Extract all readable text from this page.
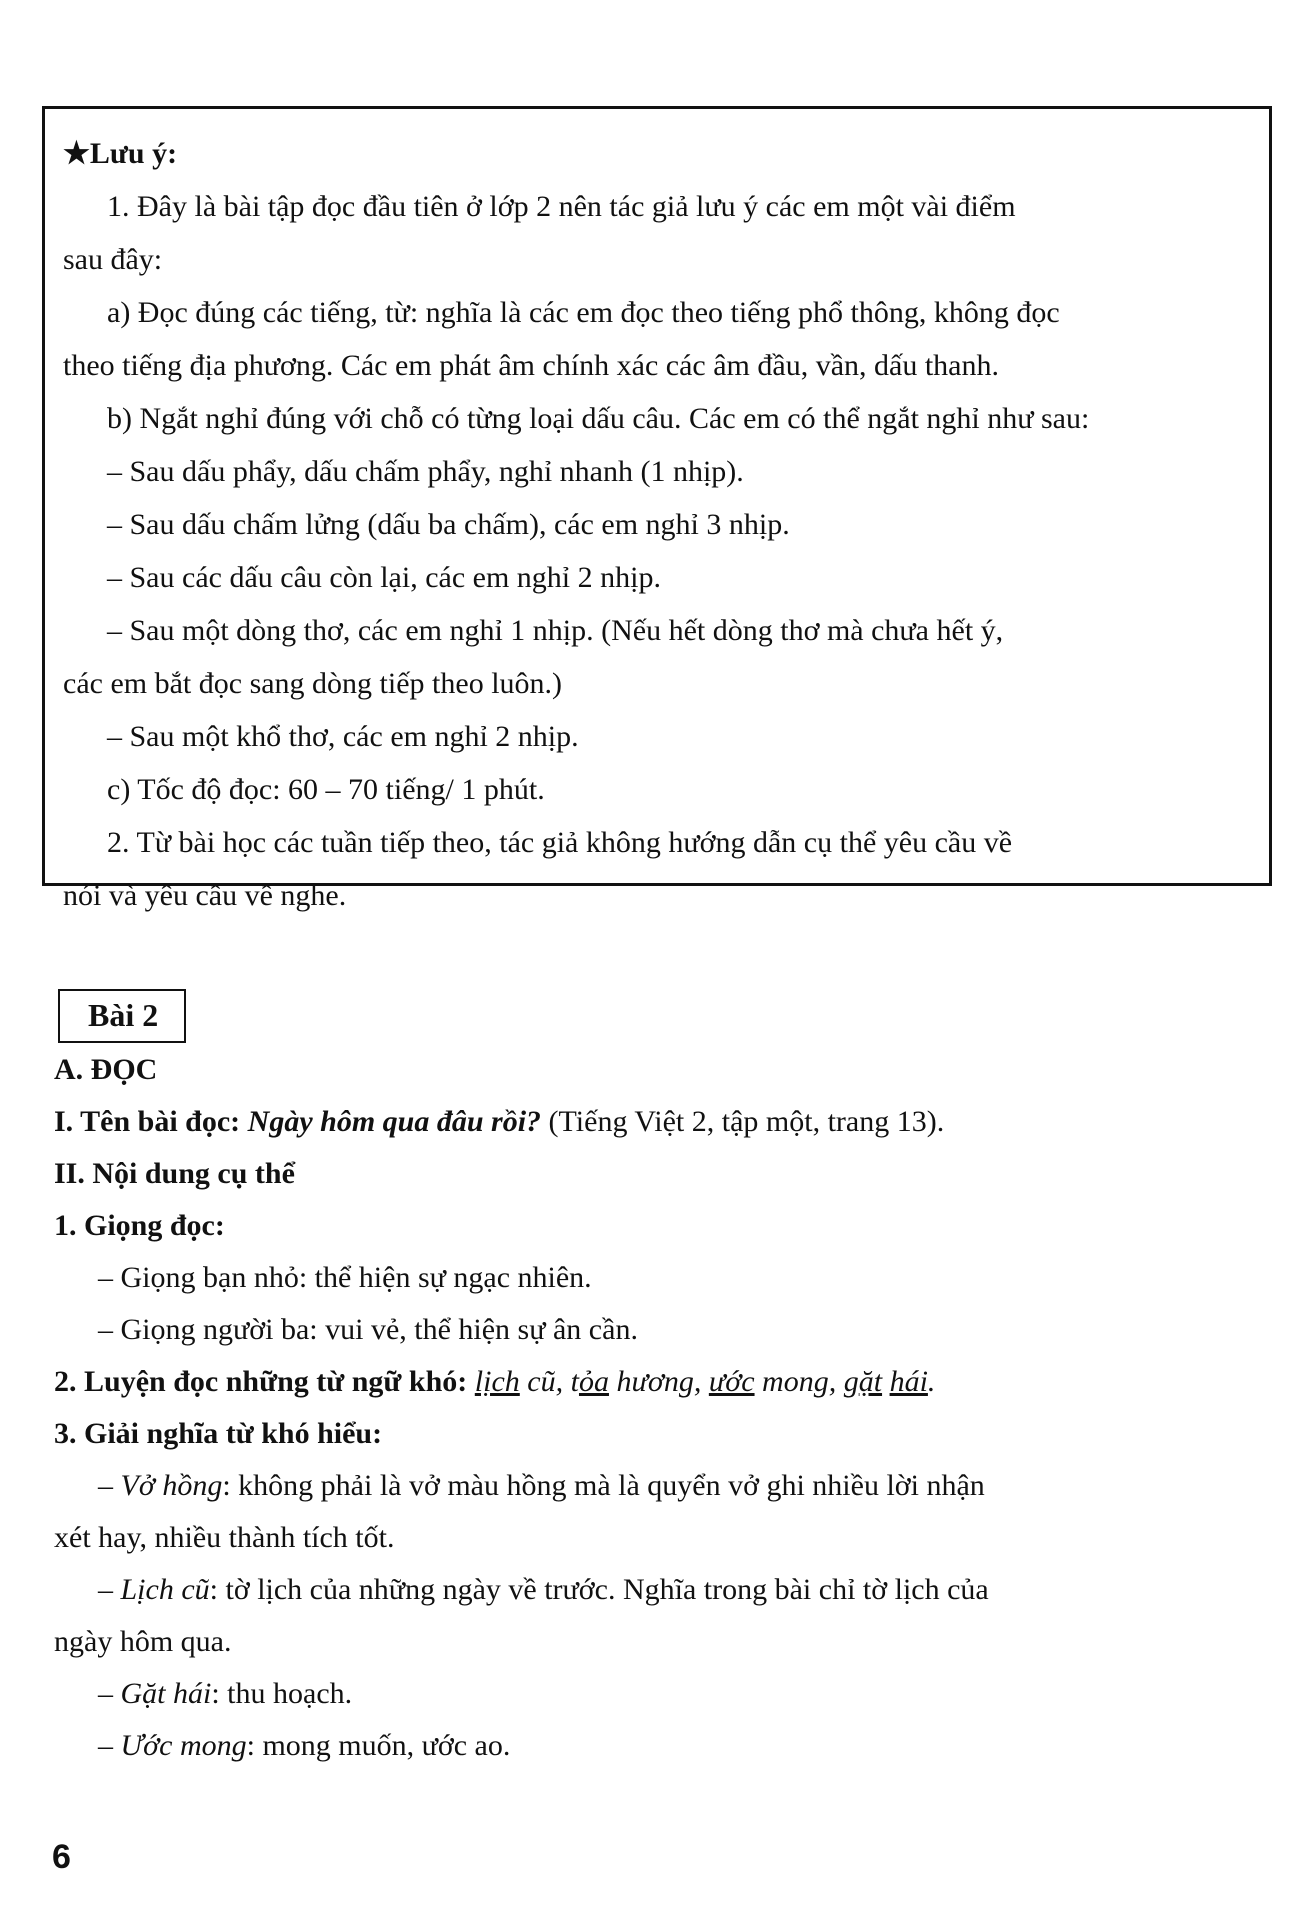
★Lưu ý:
1. Đây là bài tập đọc đầu tiên ở lớp 2 nên tác giả lưu ý các em một vài điểm
sau đây:
a) Đọc đúng các tiếng, từ: nghĩa là các em đọc theo tiếng phổ thông, không đọc
theo tiếng địa phương. Các em phát âm chính xác các âm đầu, vần, dấu thanh.
b) Ngắt nghỉ đúng với chỗ có từng loại dấu câu. Các em có thể ngắt nghỉ như sau:
– Sau dấu phẩy, dấu chấm phẩy, nghỉ nhanh (1 nhịp).
– Sau dấu chấm lửng (dấu ba chấm), các em nghỉ 3 nhịp.
– Sau các dấu câu còn lại, các em nghỉ 2 nhịp.
– Sau một dòng thơ, các em nghỉ 1 nhịp. (Nếu hết dòng thơ mà chưa hết ý,
các em bắt đọc sang dòng tiếp theo luôn.)
– Sau một khổ thơ, các em nghỉ 2 nhịp.
c) Tốc độ đọc: 60 – 70 tiếng/ 1 phút.
2. Từ bài học các tuần tiếp theo, tác giả không hướng dẫn cụ thể yêu cầu về
nói và yêu cầu về nghe.
Bài 2
A. ĐỌC
I. Tên bài đọc: Ngày hôm qua đâu rồi? (Tiếng Việt 2, tập một, trang 13).
II. Nội dung cụ thể
1. Giọng đọc:
– Giọng bạn nhỏ: thể hiện sự ngạc nhiên.
– Giọng người ba: vui vẻ, thể hiện sự ân cần.
2. Luyện đọc những từ ngữ khó: lịch cũ, tỏa hương, ước mong, gặt hái.
3. Giải nghĩa từ khó hiểu:
– Vở hồng: không phải là vở màu hồng mà là quyển vở ghi nhiều lời nhận
xét hay, nhiều thành tích tốt.
– Lịch cũ: tờ lịch của những ngày về trước. Nghĩa trong bài chỉ tờ lịch của
ngày hôm qua.
– Gặt hái: thu hoạch.
– Ước mong: mong muốn, ước ao.
6
